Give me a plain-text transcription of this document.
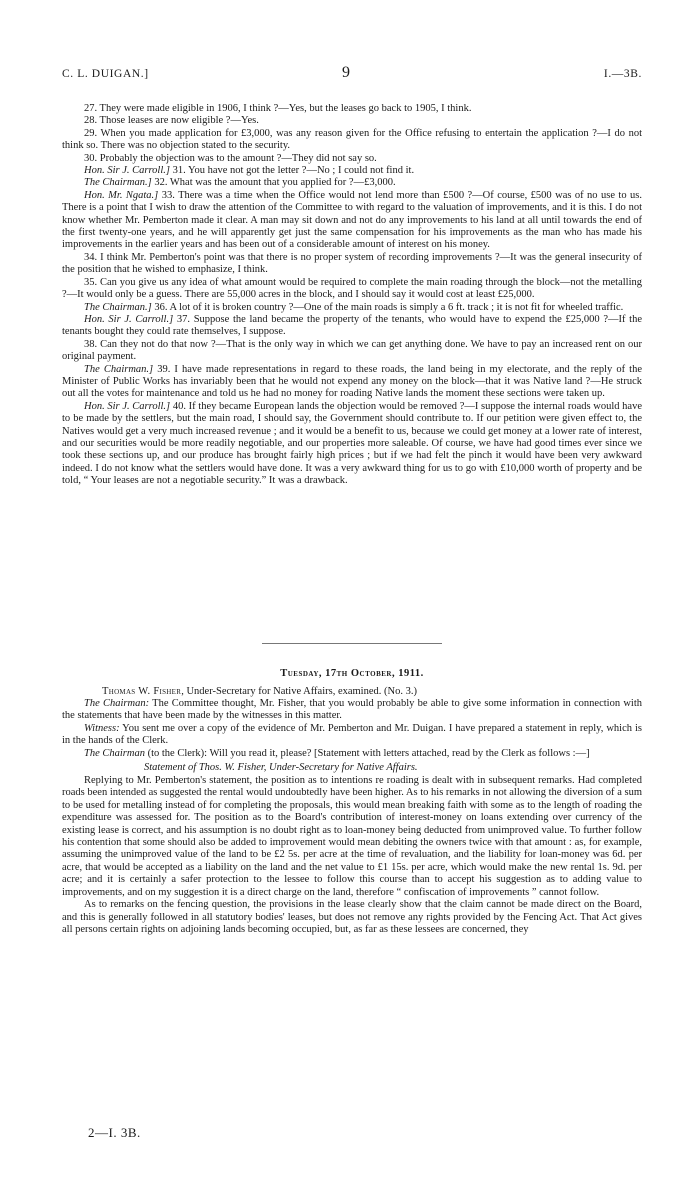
C. L. DUIGAN.]	9	I.—3B.

27. They were made eligible in 1906, I think ?—Yes, but the leases go back to 1905, I think.

28. Those leases are now eligible ?—Yes.

29. When you made application for £3,000, was any reason given for the Office refusing to entertain the application ?—I do not think so. There was no objection stated to the security.

30. Probably the objection was to the amount ?—They did not say so.

Hon. Sir J. Carroll.] 31. You have not got the letter ?—No ; I could not find it.

The Chairman.] 32. What was the amount that you applied for ?—£3,000.

Hon. Mr. Ngata.] 33. There was a time when the Office would not lend more than £500 ?—Of course, £500 was of no use to us. There is a point that I wish to draw the attention of the Committee to with regard to the valuation of improvements, and it is this. I do not know whether Mr. Pemberton made it clear. A man may sit down and not do any improvements to his land at all until towards the end of the first twenty-one years, and he will apparently get just the same compensation for his improvements as the man who has made his improvements in the earlier years and has been out of a considerable amount of interest on his money.

34. I think Mr. Pemberton's point was that there is no proper system of recording improvements ?—It was the general insecurity of the position that he wished to emphasize, I think.

35. Can you give us any idea of what amount would be required to complete the main roading through the block—not the metalling ?—It would only be a guess. There are 55,000 acres in the block, and I should say it would cost at least £25,000.

The Chairman.] 36. A lot of it is broken country ?—One of the main roads is simply a 6 ft. track ; it is not fit for wheeled traffic.

Hon. Sir J. Carroll.] 37. Suppose the land became the property of the tenants, who would have to expend the £25,000 ?—If the tenants bought they could rate themselves, I suppose.

38. Can they not do that now ?—That is the only way in which we can get anything done. We have to pay an increased rent on our original payment.

The Chairman.] 39. I have made representations in regard to these roads, the land being in my electorate, and the reply of the Minister of Public Works has invariably been that he would not expend any money on the block—that it was Native land ?—He struck out all the votes for maintenance and told us he had no money for roading Native lands the moment these sections were taken up.

Hon. Sir J. Carroll.] 40. If they became European lands the objection would be removed ?—I suppose the internal roads would have to be made by the settlers, but the main road, I should say, the Government should contribute to. If our petition were given effect to, the Natives would get a very much increased revenue ; and it would be a benefit to us, because we could get money at a lower rate of interest, and our securities would be more readily negotiable, and our properties more saleable. Of course, we have had good times ever since we took these sections up, and our produce has brought fairly high prices ; but if we had felt the pinch it would have been very awkward indeed. I do not know what the settlers would have done. It was a very awkward thing for us to go with £10,000 worth of property and be told, “ Your leases are not a negotiable security.” It was a drawback.

Tuesday, 17th October, 1911.

Thomas W. Fisher, Under-Secretary for Native Affairs, examined. (No. 3.)

The Chairman: The Committee thought, Mr. Fisher, that you would probably be able to give some information in connection with the statements that have been made by the witnesses in this matter.

Witness: You sent me over a copy of the evidence of Mr. Pemberton and Mr. Duigan. I have prepared a statement in reply, which is in the hands of the Clerk.

The Chairman (to the Clerk): Will you read it, please? [Statement with letters attached, read by the Clerk as follows :—]

Statement of Thos. W. Fisher, Under-Secretary for Native Affairs.

Replying to Mr. Pemberton's statement, the position as to intentions re roading is dealt with in subsequent remarks. Had completed roads been intended as suggested the rental would undoubtedly have been higher. As to his remarks in not allowing the diversion of a sum to be used for metalling instead of for completing the proposals, this would mean breaking faith with some as to the length of roading the expenditure was assessed for. The position as to the Board's contribution of interest-money on loans extending over currency of the existing lease is correct, and his assumption is no doubt right as to loan-money being deducted from unimproved value. To further follow his contention that some should also be added to improvement would mean debiting the owners twice with that amount : as, for example, assuming the unimproved value of the land to be £2 5s. per acre at the time of revaluation, and the liability for loan-money was 6d. per acre, that would be accepted as a liability on the land and the net value to £1 15s. per acre, which would make the new rental 1s. 9d. per acre; and it is certainly a safer protection to the lessee to follow this course than to accept his suggestion as to adding value to improvements, and on my suggestion it is a direct charge on the land, therefore “ confiscation of improvements ” cannot follow.

As to remarks on the fencing question, the provisions in the lease clearly show that the claim cannot be made direct on the Board, and this is generally followed in all statutory bodies' leases, but does not remove any rights provided by the Fencing Act. That Act gives all persons certain rights on adjoining lands becoming occupied, but, as far as these lessees are concerned, they

2—I. 3B.
